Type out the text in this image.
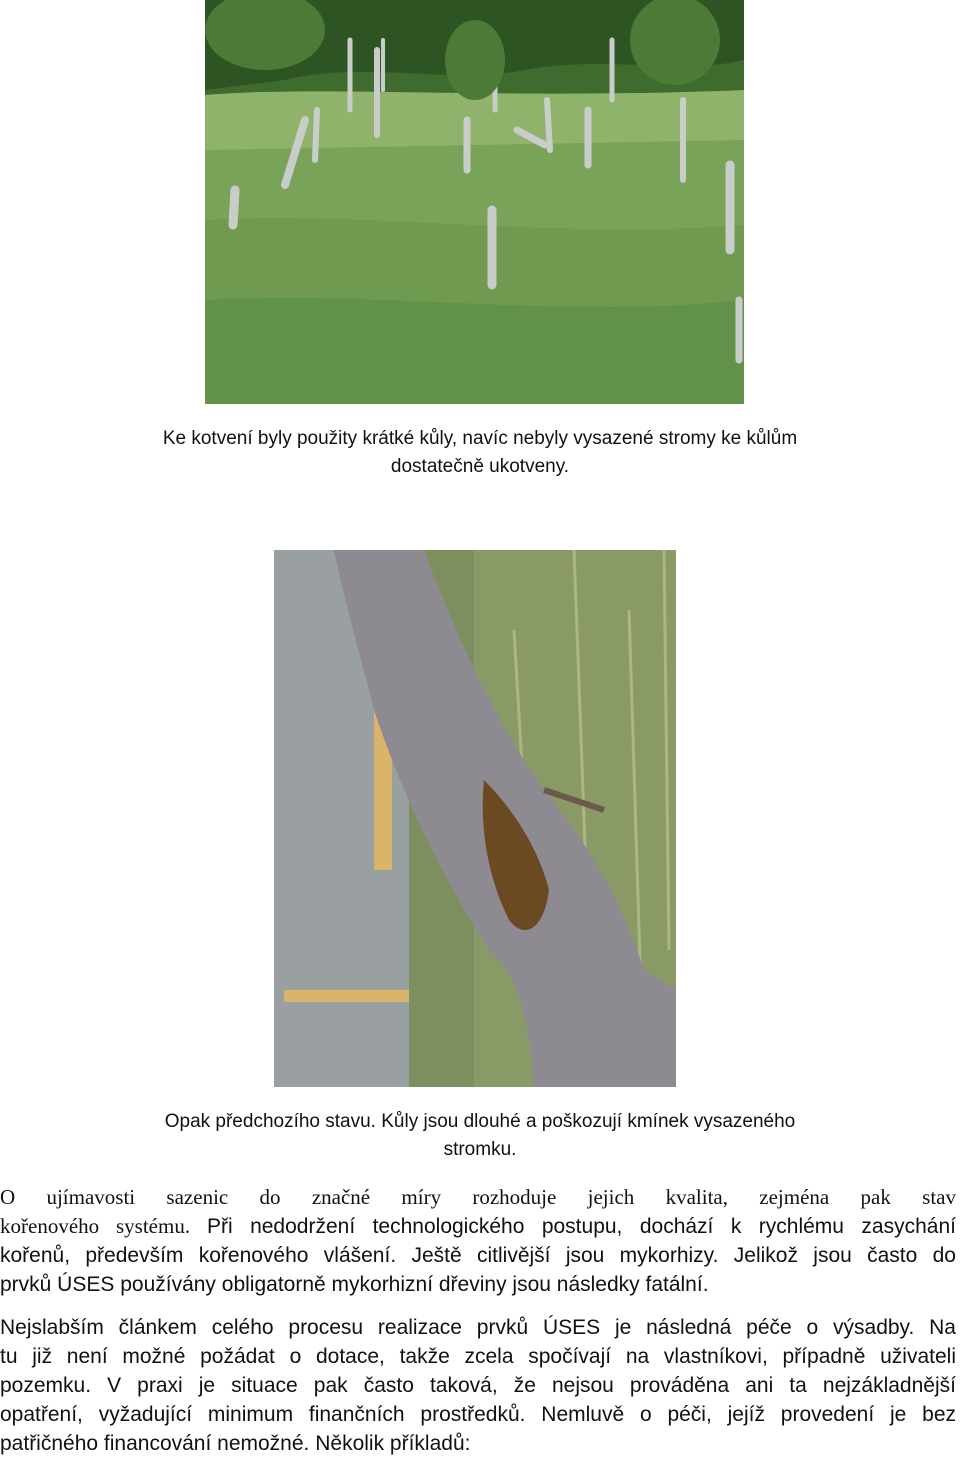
Ke kotvení byly použity krátké kůly, navíc nebyly vysazené stromy ke kůlům
dostatečně ukotveny.
Opak předchozího stavu. Kůly jsou dlouhé a poškozují kmínek vysazeného
stromku.
O ujímavosti sazenic do značné míry rozhoduje jejich kvalita, zejména pak stav
kořenového systému. Při nedodržení technologického postupu, dochází k rychlému zasychání
kořenů, především kořenového vlášení. Ještě citlivější jsou mykorhizy. Jelikož jsou často do
prvků ÚSES používány obligatorně mykorhizní dřeviny jsou následky fatální.
Nejslabším článkem celého procesu realizace prvků ÚSES je následná péče o výsadby. Na
tu již není možné požádat o dotace, takže zcela spočívají na vlastníkovi, případně uživateli
pozemku. V praxi je situace pak často taková, že nejsou prováděna ani ta nejzákladnější
opatření, vyžadující minimum finančních prostředků. Nemluvě o péči, jejíž provedení je bez
patřičného financování nemožné. Několik příkladů:
